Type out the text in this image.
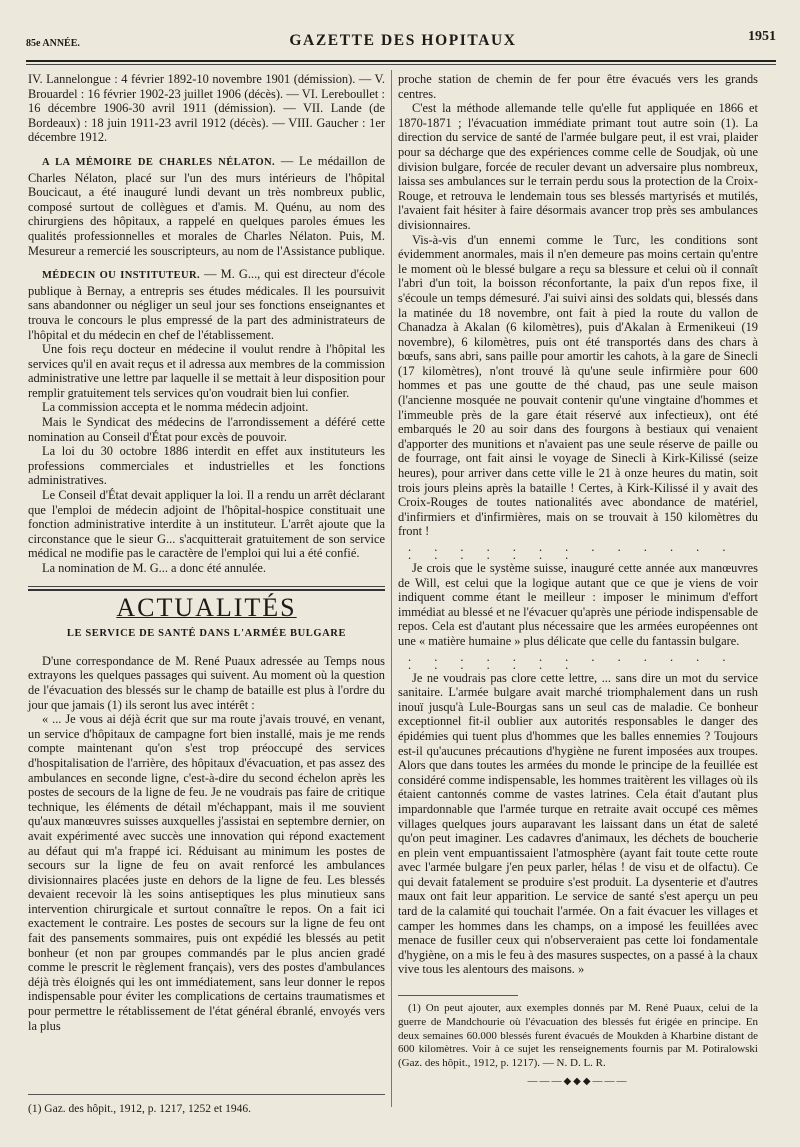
85e ANNÉE.	GAZETTE DES HOPITAUX	1951

IV. Lannelongue : 4 février 1892-10 novembre 1901 (démission). — V. Brouardel : 16 février 1902-23 juillet 1906 (décès). — VI. Lereboullet : 16 décembre 1906-30 avril 1911 (démission). — VII. Lande (de Bordeaux) : 18 juin 1911-23 avril 1912 (décès). — VIII. Gaucher : 1er décembre 1912.

A LA MÉMOIRE DE CHARLES NÉLATON. — Le médaillon de Charles Nélaton, placé sur l'un des murs intérieurs de l'hôpital Boucicaut, a été inauguré lundi devant un très nombreux public, composé surtout de collègues et d'amis. M. Quénu, au nom des chirurgiens des hôpitaux, a rappelé en quelques paroles émues les qualités professionnelles et morales de Charles Nélaton. Puis, M. Mesureur a remercié les souscripteurs, au nom de l'Assistance publique.

MÉDECIN OU INSTITUTEUR. — M. G..., qui est directeur d'école publique à Bernay, a entrepris ses études médicales. Il les poursuivit sans abandonner ou négliger un seul jour ses fonctions enseignantes et trouva le concours le plus empressé de la part des administrateurs de l'hôpital et du médecin en chef de l'établissement.

Une fois reçu docteur en médecine il voulut rendre à l'hôpital les services qu'il en avait reçus et il adressa aux membres de la commission administrative une lettre par laquelle il se mettait à leur disposition pour remplir gratuitement tels services qu'on voudrait bien lui confier.

La commission accepta et le nomma médecin adjoint.

Mais le Syndicat des médecins de l'arrondissement a déféré cette nomination au Conseil d'État pour excès de pouvoir.

La loi du 30 octobre 1886 interdit en effet aux instituteurs les professions commerciales et industrielles et les fonctions administratives.

Le Conseil d'État devait appliquer la loi. Il a rendu un arrêt déclarant que l'emploi de médecin adjoint de l'hôpital-hospice constituait une fonction administrative interdite à un instituteur. L'arrêt ajoute que la circonstance que le sieur G... s'acquitterait gratuitement de son service médical ne modifie pas le caractère de l'emploi qui lui a été confié.

La nomination de M. G... a donc été annulée.

ACTUALITÉS
LE SERVICE DE SANTÉ DANS L'ARMÉE BULGARE

D'une correspondance de M. René Puaux adressée au Temps nous extrayons les quelques passages qui suivent. Au moment où la question de l'évacuation des blessés sur le champ de bataille est plus à l'ordre du jour que jamais (1) ils seront lus avec intérêt :

« ... Je vous ai déjà écrit que sur ma route j'avais trouvé, en venant, un service d'hôpitaux de campagne fort bien installé, mais je me rends compte maintenant qu'on s'est trop préoccupé des services d'hospitalisation de l'arrière, des hôpitaux d'évacuation, et pas assez des ambulances en seconde ligne, c'est-à-dire du second échelon après les postes de secours de la ligne de feu. Je ne voudrais pas faire de critique technique, les éléments de détail m'échappant, mais il me souvient qu'aux manœuvres suisses auxquelles j'assistai en septembre dernier, on avait expérimenté avec succès une innovation qui répond exactement au défaut qui m'a frappé ici. Réduisant au minimum les postes de secours sur la ligne de feu on avait renforcé les ambulances divisionnaires placées juste en dehors de la ligne de feu. Les blessés devaient recevoir là les soins antiseptiques les plus minutieux sans intervention chirurgicale et surtout connaître le repos. On a fait ici exactement le contraire. Les postes de secours sur la ligne de feu ont fait des pansements sommaires, puis ont expédié les blessés au petit bonheur (et non par groupes commandés par le plus ancien gradé comme le prescrit le règlement français), vers des postes d'ambulances déjà très éloignés qui les ont immédiatement, sans leur donner le repos indispensable pour éviter les complications de certains traumatismes et pour permettre le rétablissement de l'état général ébranlé, envoyés vers la plus

(1) Gaz. des hôpit., 1912, p. 1217, 1252 et 1946.

proche station de chemin de fer pour être évacués vers les grands centres.

C'est la méthode allemande telle qu'elle fut appliquée en 1866 et 1870-1871 ; l'évacuation immédiate primant tout autre soin (1). La direction du service de santé de l'armée bulgare peut, il est vrai, plaider pour sa décharge que des expériences comme celle de Soudjak, où une division bulgare, forcée de reculer devant un adversaire plus nombreux, laissa ses ambulances sur le terrain perdu sous la protection de la Croix-Rouge, et retrouva le lendemain tous ses blessés martyrisés et mutilés, l'avaient fait hésiter à faire désormais avancer trop près ses ambulances divisionnaires.

Vis-à-vis d'un ennemi comme le Turc, les conditions sont évidemment anormales, mais il n'en demeure pas moins certain qu'entre le moment où le blessé bulgare a reçu sa blessure et celui où il connaît l'abri d'un toit, la boisson réconfortante, la paix d'un repos fixe, il s'écoule un temps démesuré. J'ai suivi ainsi des soldats qui, blessés dans la matinée du 18 novembre, ont fait à pied la route du vallon de Chanadza à Akalan (6 kilomètres), puis d'Akalan à Ermenikeui (19 novembre), 6 kilomètres, puis ont été transportés dans des chars à bœufs, sans abri, sans paille pour amortir les cahots, à la gare de Sinecli (17 kilomètres), n'ont trouvé là qu'une seule infirmière pour 600 hommes et pas une goutte de thé chaud, pas une seule maison (l'ancienne mosquée ne pouvait contenir qu'une vingtaine d'hommes et l'immeuble près de la gare était réservé aux infectieux), ont été embarqués le 20 au soir dans des fourgons à bestiaux qui venaient d'apporter des munitions et n'avaient pas une seule réserve de paille ou de fourrage, ont fait ainsi le voyage de Sinecli à Kirk-Kilissé (seize heures), pour arriver dans cette ville le 21 à onze heures du matin, soit trois jours pleins après la bataille ! Certes, à Kirk-Kilissé il y avait des Croix-Rouges de toutes nationalités avec abondance de matériel, d'infirmiers et d'infirmières, mais on se trouvait à 150 kilomètres du front !

. . . . . . . . . . . . . . . . . . . .

Je crois que le système suisse, inauguré cette année aux manœuvres de Will, est celui que la logique autant que ce que je viens de voir indiquent comme étant le meilleur : imposer le minimum d'effort immédiat au blessé et ne l'évacuer qu'après une période indispensable de repos. Cela est d'autant plus nécessaire que les armées européennes ont une « matière humaine » plus délicate que celle du fantassin bulgare.

. . . . . . . . . . . . . . . . . . . .

Je ne voudrais pas clore cette lettre, ... sans dire un mot du service sanitaire. L'armée bulgare avait marché triomphalement dans un rush inouï jusqu'à Lule-Bourgas sans un seul cas de maladie. Ce bonheur exceptionnel fit-il oublier aux autorités responsables le danger des épidémies qui tuent plus d'hommes que les balles ennemies ? Toujours est-il qu'aucunes précautions d'hygiène ne furent imposées aux troupes. Alors que dans toutes les armées du monde le principe de la feuillée est considéré comme indispensable, les hommes traitèrent les villages où ils étaient cantonnés comme de vastes latrines. Cela était d'autant plus impardonnable que l'armée turque en retraite avait occupé ces mêmes villages quelques jours auparavant les laissant dans un état de saleté qu'on peut imaginer. Les cadavres d'animaux, les déchets de boucherie en plein vent empuantissaient l'atmosphère (ayant fait toute cette route avec l'armée bulgare j'en peux parler, hélas ! de visu et de olfactu). Ce qui devait fatalement se produire s'est produit. La dysenterie et d'autres maux ont fait leur apparition. Le service de santé s'est aperçu un peu tard de la calamité qui touchait l'armée. On a fait évacuer les villages et camper les hommes dans les champs, on a imposé les feuillées avec menace de fusiller ceux qui n'observeraient pas cette loi fondamentale d'hygiène, on a mis le feu à des masures suspectes, on a passé à la chaux vive tous les alentours des maisons. »

(1) On peut ajouter, aux exemples donnés par M. René Puaux, celui de la guerre de Mandchourie où l'évacuation des blessés fut érigée en principe. En deux semaines 60.000 blessés furent évacués de Moukden à Kharbine distant de 600 kilomètres. Voir à ce sujet les renseignements fournis par M. Potiralowski (Gaz. des hôpit., 1912, p. 1217). — N. D. L. R.

———◆◆◆———
